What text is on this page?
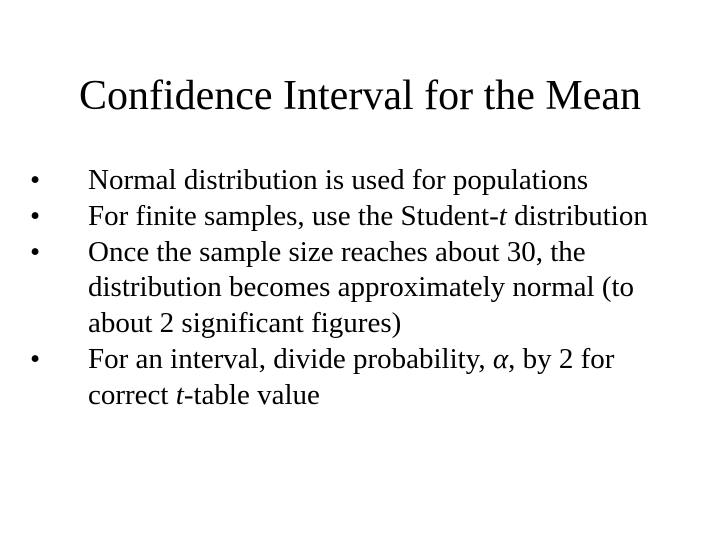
Confidence Interval for the Mean
•	Normal distribution is used for populations
•	For finite samples, use the Student-t distribution
•	Once the sample size reaches about 30, the distribution becomes approximately normal (to about 2 significant figures)
•	For an interval, divide probability, α, by 2 for correct t-table value
